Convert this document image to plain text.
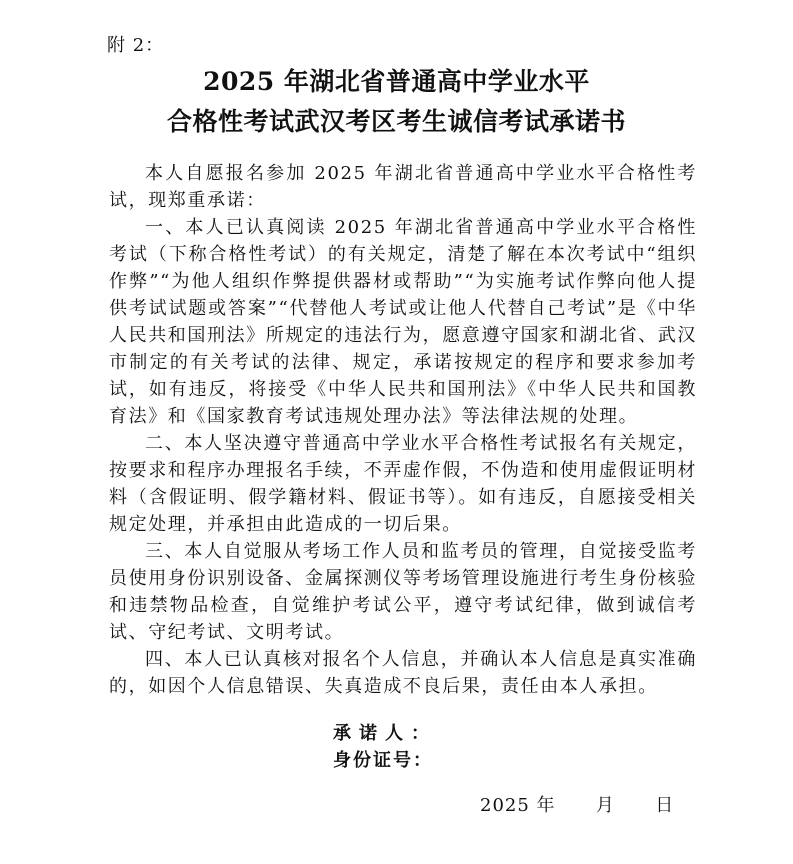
附 2：
2025 年湖北省普通高中学业水平
合格性考试武汉考区考生诚信考试承诺书

本人自愿报名参加 2025 年湖北省普通高中学业水平合格性考试，现郑重承诺：

一、本人已认真阅读 2025 年湖北省普通高中学业水平合格性考试（下称合格性考试）的有关规定，清楚了解在本次考试中“组织作弊”“为他人组织作弊提供器材或帮助”“为实施考试作弊向他人提供考试试题或答案”“代替他人考试或让他人代替自己考试”是《中华人民共和国刑法》所规定的违法行为，愿意遵守国家和湖北省、武汉市制定的有关考试的法律、规定，承诺按规定的程序和要求参加考试，如有违反，将接受《中华人民共和国刑法》《中华人民共和国教育法》和《国家教育考试违规处理办法》等法律法规的处理。

二、本人坚决遵守普通高中学业水平合格性考试报名有关规定，按要求和程序办理报名手续，不弄虚作假，不伪造和使用虚假证明材料（含假证明、假学籍材料、假证书等）。如有违反，自愿接受相关规定处理，并承担由此造成的一切后果。

三、本人自觉服从考场工作人员和监考员的管理，自觉接受监考员使用身份识别设备、金属探测仪等考场管理设施进行考生身份核验和违禁物品检查，自觉维护考试公平，遵守考试纪律，做到诚信考试、守纪考试、文明考试。

四、本人已认真核对报名个人信息，并确认本人信息是真实准确的，如因个人信息错误、失真造成不良后果，责任由本人承担。

承诺人：
身份证号：
2025 年      月      日
